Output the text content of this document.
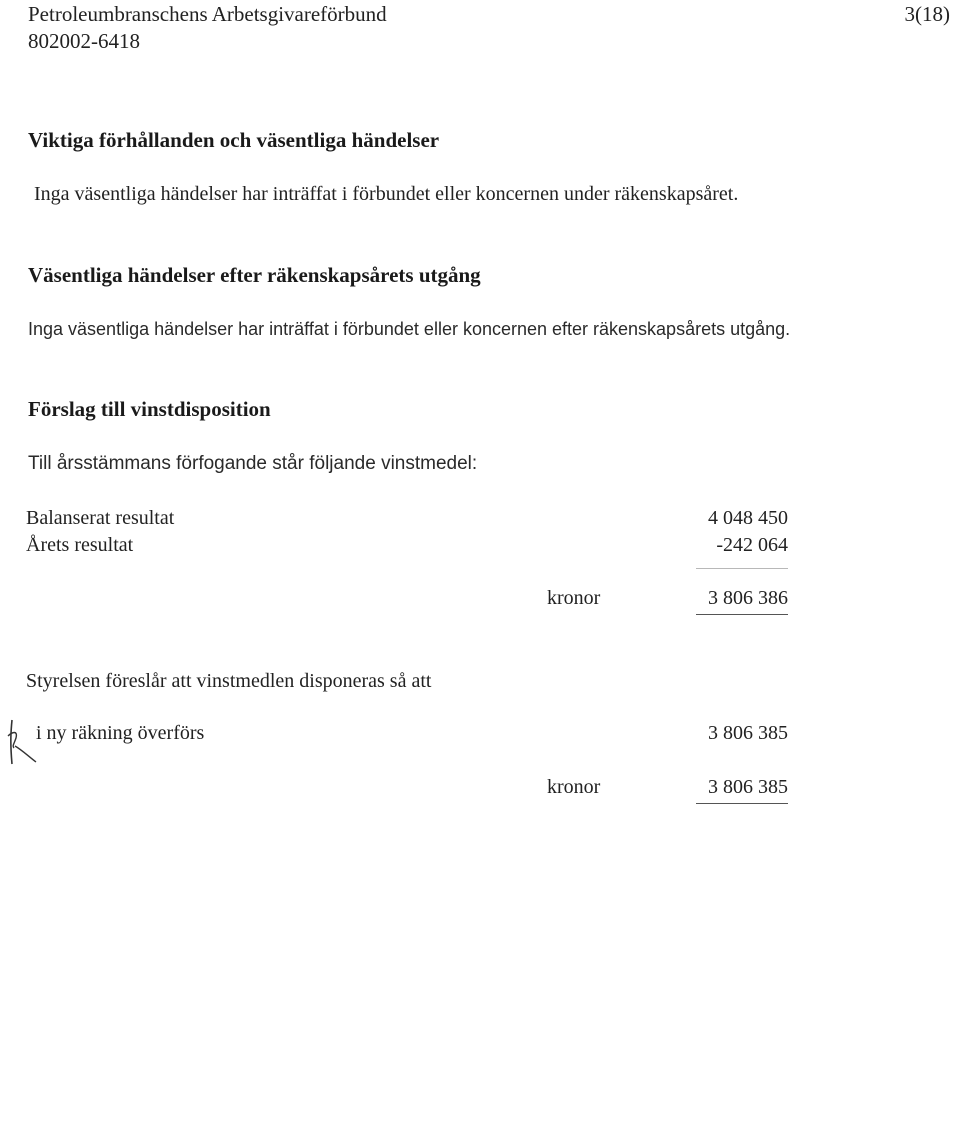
Petroleumbranschens Arbetsgivareförbund
802002-6418
3(18)
Viktiga förhållanden och väsentliga händelser
Inga väsentliga händelser har inträffat i förbundet eller koncernen under räkenskapsåret.
Väsentliga händelser efter räkenskapsårets utgång
Inga väsentliga händelser har inträffat i förbundet eller koncernen efter räkenskapsårets utgång.
Förslag till vinstdisposition
Till årsstämmans förfogande står följande vinstmedel:
Balanserat resultat	4 048 450
Årets resultat	-242 064
kronor	3 806 386
Styrelsen föreslår att vinstmedlen disponeras så att
i ny räkning överförs	3 806 385
kronor	3 806 385
